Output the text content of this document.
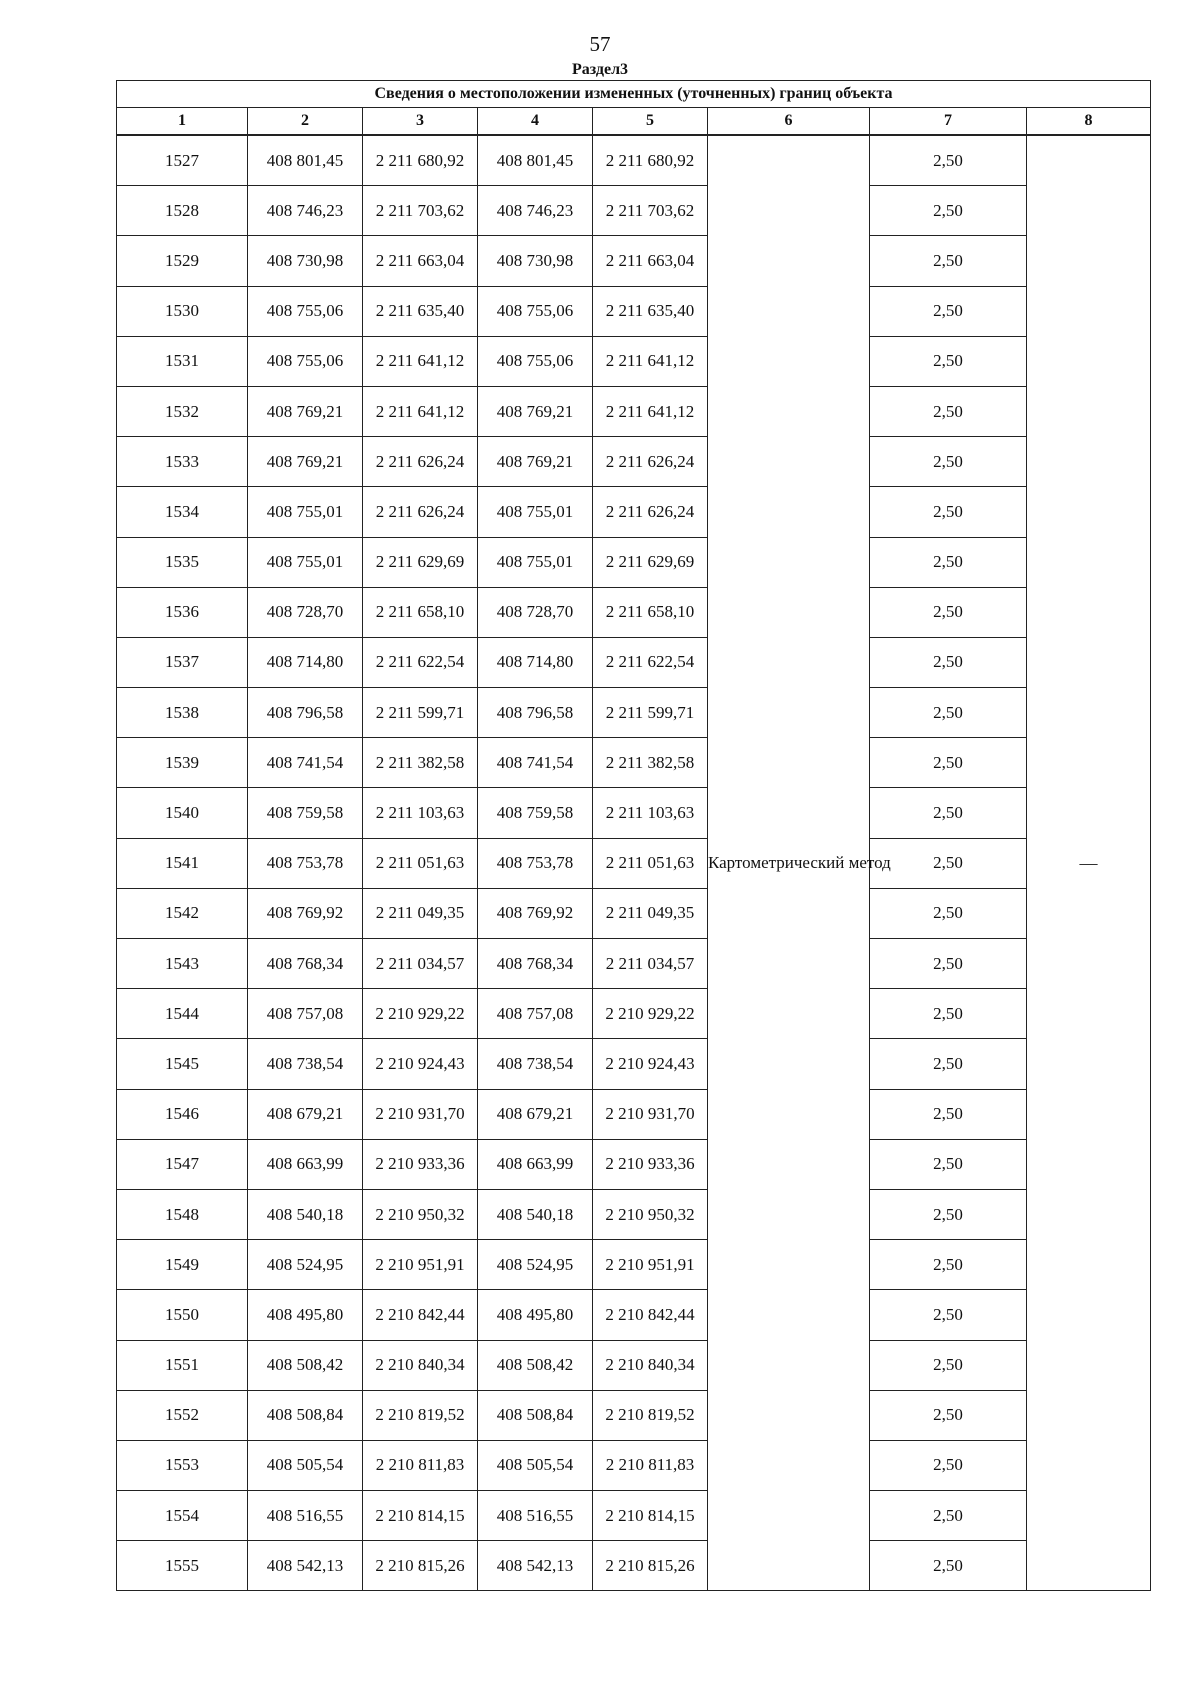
57
Раздел3
Сведения о местоположении измененных (уточненных) границ объекта							
1	2	3	4	5	6	7	8
1527	408 801,45	2 211 680,92	408 801,45	2 211 680,92	Картометрический метод	2,50	—
1528	408 746,23	2 211 703,62	408 746,23	2 211 703,62		2,50	
1529	408 730,98	2 211 663,04	408 730,98	2 211 663,04		2,50	
1530	408 755,06	2 211 635,40	408 755,06	2 211 635,40		2,50	
1531	408 755,06	2 211 641,12	408 755,06	2 211 641,12		2,50	
1532	408 769,21	2 211 641,12	408 769,21	2 211 641,12		2,50	
1533	408 769,21	2 211 626,24	408 769,21	2 211 626,24		2,50	
1534	408 755,01	2 211 626,24	408 755,01	2 211 626,24		2,50	
1535	408 755,01	2 211 629,69	408 755,01	2 211 629,69		2,50	
1536	408 728,70	2 211 658,10	408 728,70	2 211 658,10		2,50	
1537	408 714,80	2 211 622,54	408 714,80	2 211 622,54		2,50	
1538	408 796,58	2 211 599,71	408 796,58	2 211 599,71		2,50	
1539	408 741,54	2 211 382,58	408 741,54	2 211 382,58		2,50	
1540	408 759,58	2 211 103,63	408 759,58	2 211 103,63		2,50	
1541	408 753,78	2 211 051,63	408 753,78	2 211 051,63		2,50	
1542	408 769,92	2 211 049,35	408 769,92	2 211 049,35		2,50	
1543	408 768,34	2 211 034,57	408 768,34	2 211 034,57		2,50	
1544	408 757,08	2 210 929,22	408 757,08	2 210 929,22		2,50	
1545	408 738,54	2 210 924,43	408 738,54	2 210 924,43		2,50	
1546	408 679,21	2 210 931,70	408 679,21	2 210 931,70		2,50	
1547	408 663,99	2 210 933,36	408 663,99	2 210 933,36		2,50	
1548	408 540,18	2 210 950,32	408 540,18	2 210 950,32		2,50	
1549	408 524,95	2 210 951,91	408 524,95	2 210 951,91		2,50	
1550	408 495,80	2 210 842,44	408 495,80	2 210 842,44		2,50	
1551	408 508,42	2 210 840,34	408 508,42	2 210 840,34		2,50	
1552	408 508,84	2 210 819,52	408 508,84	2 210 819,52		2,50	
1553	408 505,54	2 210 811,83	408 505,54	2 210 811,83		2,50	
1554	408 516,55	2 210 814,15	408 516,55	2 210 814,15		2,50	
1555	408 542,13	2 210 815,26	408 542,13	2 210 815,26		2,50	
